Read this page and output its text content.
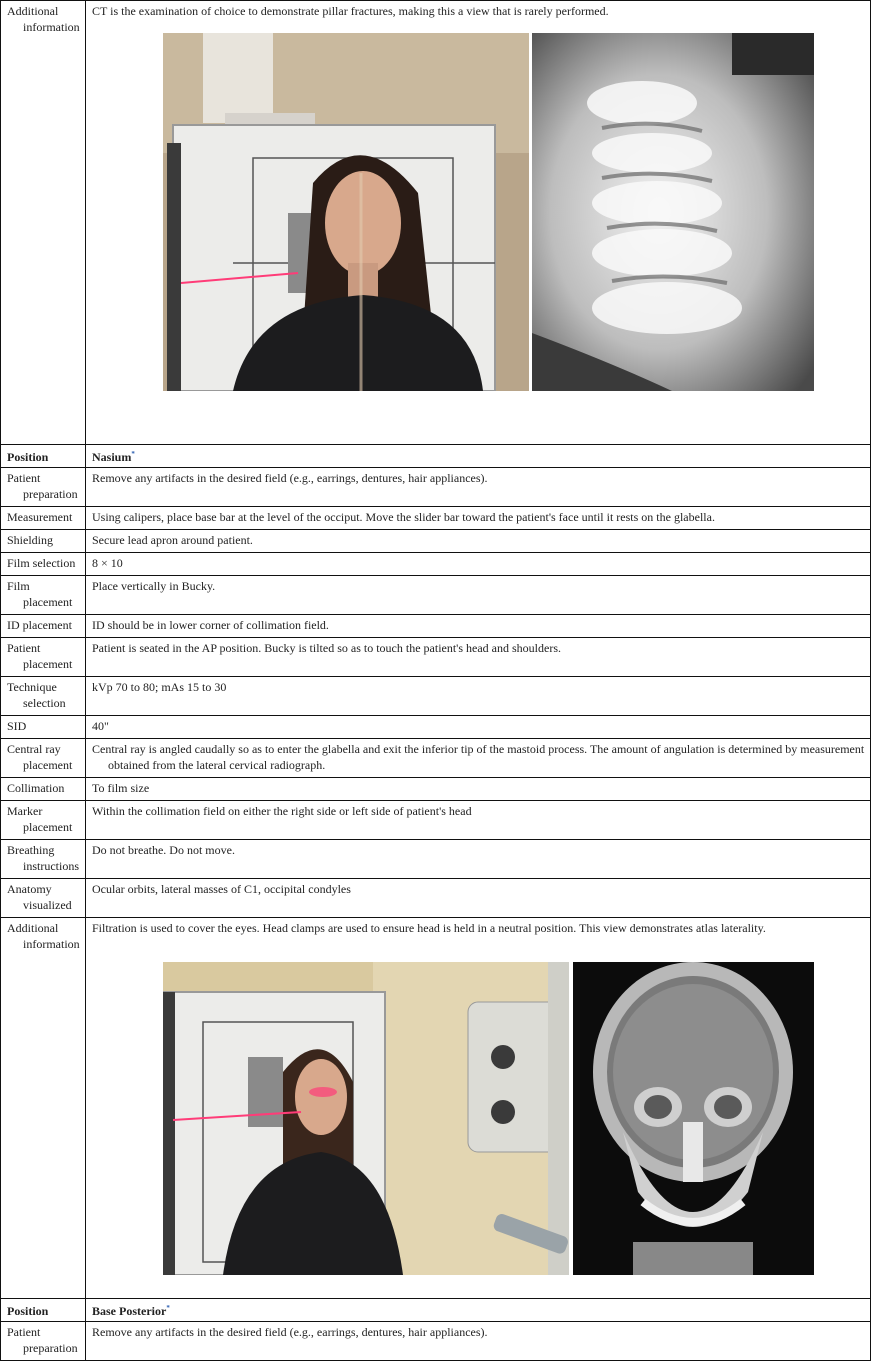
Additional information	CT is the examination of choice to demonstrate pillar fractures, making this a view that is rarely performed.

Position	Nasium*

Patient preparation	Remove any artifacts in the desired field (e.g., earrings, dentures, hair appliances).

Measurement	Using calipers, place base bar at the level of the occiput. Move the slider bar toward the patient's face until it rests on the glabella.

Shielding	Secure lead apron around patient.

Film selection	8 × 10

Film placement	Place vertically in Bucky.

ID placement	ID should be in lower corner of collimation field.

Patient placement	Patient is seated in the AP position. Bucky is tilted so as to touch the patient's head and shoulders.

Technique selection	kVp 70 to 80; mAs 15 to 30

SID	40"

Central ray placement	Central ray is angled caudally so as to enter the glabella and exit the inferior tip of the mastoid process. The amount of angulation is determined by measurement obtained from the lateral cervical radiograph.

Collimation	To film size

Marker placement	Within the collimation field on either the right side or left side of patient's head

Breathing instructions	Do not breathe. Do not move.

Anatomy visualized	Ocular orbits, lateral masses of C1, occipital condyles

Additional information	Filtration is used to cover the eyes. Head clamps are used to ensure head is held in a neutral position. This view demonstrates atlas laterality.

Position	Base Posterior*

Patient preparation	Remove any artifacts in the desired field (e.g., earrings, dentures, hair appliances).
